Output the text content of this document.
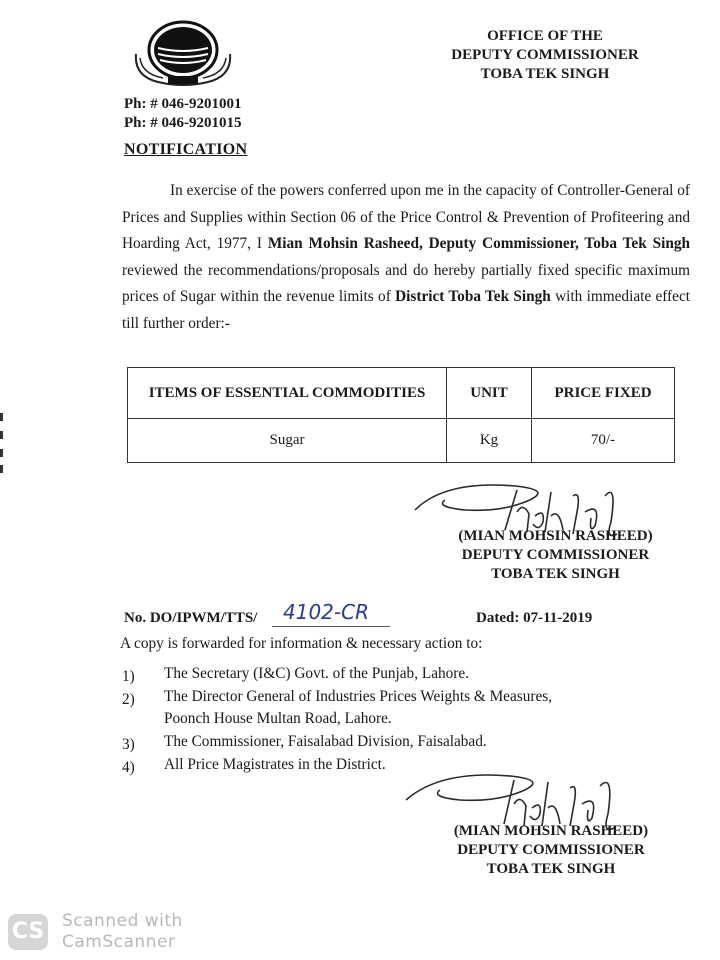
OFFICE OF THE
DEPUTY COMMISSIONER
TOBA TEK SINGH
Ph: # 046-9201001
Ph: # 046-9201015
NOTIFICATION
In exercise of the powers conferred upon me in the capacity of Controller-General of Prices and Supplies within Section 06 of the Price Control & Prevention of Profiteering and Hoarding Act, 1977, I Mian Mohsin Rasheed, Deputy Commissioner, Toba Tek Singh reviewed the recommendations/proposals and do hereby partially fixed specific maximum prices of Sugar within the revenue limits of District Toba Tek Singh with immediate effect till further order:-
ITEMS OF ESSENTIAL COMMODITIES	UNIT	PRICE FIXED
Sugar	Kg	70/-
(MIAN MOHSIN RASHEED)
DEPUTY COMMISSIONER
TOBA TEK SINGH
No. DO/IPWM/TTS/ 4102-CR	Dated: 07-11-2019
A copy is forwarded for information & necessary action to:
1)	The Secretary (I&C) Govt. of the Punjab, Lahore.
2)	The Director General of Industries Prices Weights & Measures,
Poonch House Multan Road, Lahore.
3)	The Commissioner, Faisalabad Division, Faisalabad.
4)	All Price Magistrates in the District.
(MIAN MOHSIN RASHEED)
DEPUTY COMMISSIONER
TOBA TEK SINGH
CS Scanned with
CamScanner
